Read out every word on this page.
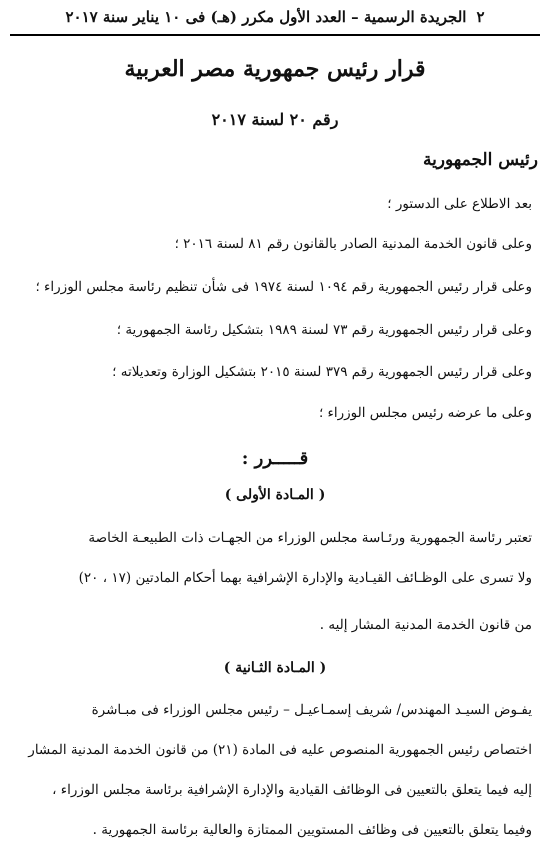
٢
الجريدة الرسمية – العدد الأول مكرر (هـ) فى ١٠ يناير سنة ٢٠١٧
قرار رئيس جمهورية مصر العربية
رقم ٢٠ لسنة ٢٠١٧
رئيس الجمهورية
بعد الاطلاع على الدستور ؛
وعلى قانون الخدمة المدنية الصادر بالقانون رقم ٨١ لسنة ٢٠١٦ ؛
وعلى قرار رئيس الجمهورية رقم ١٠٩٤ لسنة ١٩٧٤ فى شأن تنظيم رئاسة مجلس الوزراء ؛
وعلى قرار رئيس الجمهورية رقم ٧٣ لسنة ١٩٨٩ بتشكيل رئاسة الجمهورية ؛
وعلى قرار رئيس الجمهورية رقم ٣٧٩ لسنة ٢٠١٥ بتشكيل الوزارة وتعديلاته ؛
وعلى ما عرضه رئيس مجلس الوزراء ؛
قـــــرر :
( المـادة الأولى )
تعتبر رئاسة الجمهورية ورئـاسة مجلس الوزراء من الجهـات ذات الطبيعـة الخاصة
ولا تسرى على الوظـائف القيـادية والإدارة الإشرافية بهما أحكام المادتين (١٧ ، ٢٠)
من قانون الخدمة المدنية المشار إليه .
( المـادة الثـانية )
يفـوض السيـد المهندس/ شريف إسمـاعيـل – رئيس مجلس الوزراء فى مبـاشرة
اختصاص رئيس الجمهورية المنصوص عليه فى المادة (٢١) من قانون الخدمة المدنية المشار
إليه فيما يتعلق بالتعيين فى الوظائف القيادية والإدارة الإشرافية برئاسة مجلس الوزراء ،
وفيما يتعلق بالتعيين فى وظائف المستويين الممتازة والعالية برئاسة الجمهورية .
